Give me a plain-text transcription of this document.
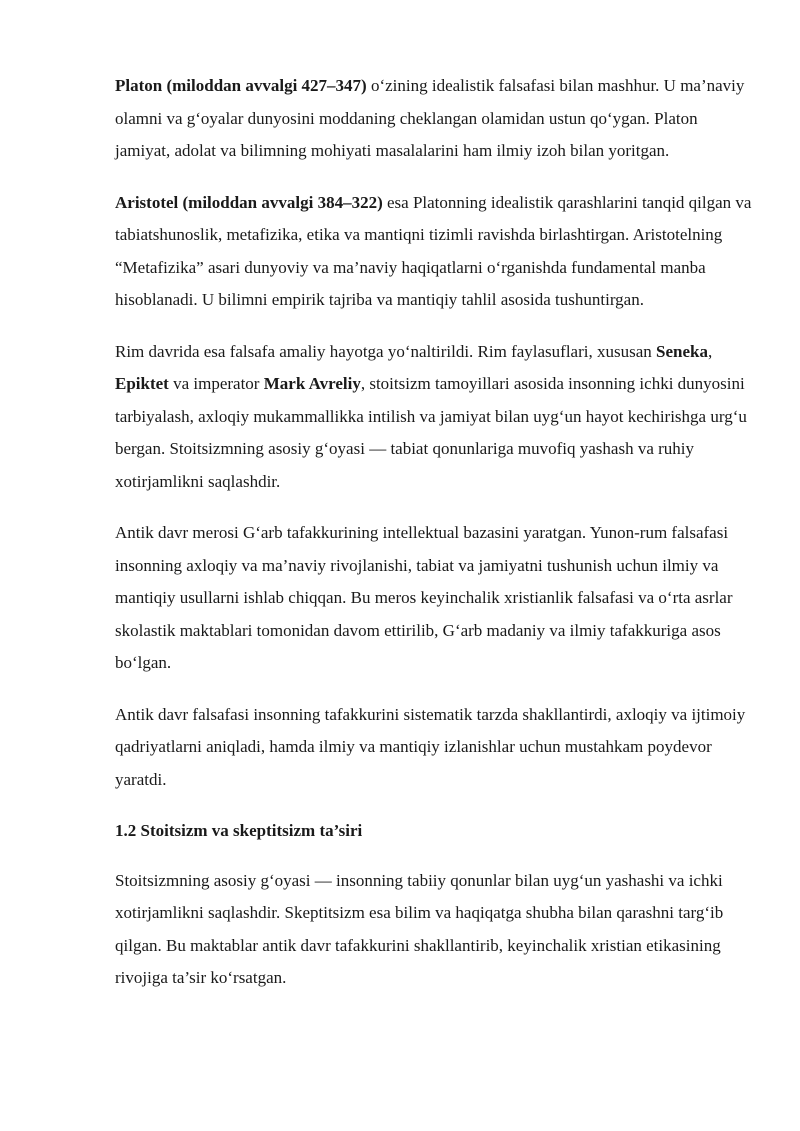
Platon (miloddan avvalgi 427–347) o‘zining idealistik falsafasi bilan mashhur. U ma’naviy olamni va g‘oyalar dunyosini moddaning cheklangan olamidan ustun qo‘ygan. Platon jamiyat, adolat va bilimning mohiyati masalalarini ham ilmiy izoh bilan yoritgan.

Aristotel (miloddan avvalgi 384–322) esa Platonning idealistik qarashlarini tanqid qilgan va tabiatshunoslik, metafizika, etika va mantiqni tizimli ravishda birlashtirgan. Aristotelning “Metafizika” asari dunyoviy va ma’naviy haqiqatlarni o‘rganishda fundamental manba hisoblanadi. U bilimni empirik tajriba va mantiqiy tahlil asosida tushuntirgan.

Rim davrida esa falsafa amaliy hayotga yo‘naltirildi. Rim faylasuflari, xususan Seneka, Epiktet va imperator Mark Avreliy, stoitsizm tamoyillari asosida insonning ichki dunyosini tarbiyalash, axloqiy mukammallikka intilish va jamiyat bilan uyg‘un hayot kechirishga urg‘u bergan. Stoitsizmning asosiy g‘oyasi — tabiat qonunlariga muvofiq yashash va ruhiy xotirjamlikni saqlashdir.

Antik davr merosi G‘arb tafakkurining intellektual bazasini yaratgan. Yunon-rum falsafasi insonning axloqiy va ma’naviy rivojlanishi, tabiat va jamiyatni tushunish uchun ilmiy va mantiqiy usullarni ishlab chiqqan. Bu meros keyinchalik xristianlik falsafasi va o‘rta asrlar skolastik maktablari tomonidan davom ettirilib, G‘arb madaniy va ilmiy tafakkuriga asos bo‘lgan.

Antik davr falsafasi insonning tafakkurini sistematik tarzda shakllantirdi, axloqiy va ijtimoiy qadriyatlarni aniqladi, hamda ilmiy va mantiqiy izlanishlar uchun mustahkam poydevor yaratdi.

1.2 Stoitsizm va skeptitsizm ta’siri

Stoitsizmning asosiy g‘oyasi — insonning tabiiy qonunlar bilan uyg‘un yashashi va ichki xotirjamlikni saqlashdir. Skeptitsizm esa bilim va haqiqatga shubha bilan qarashni targ‘ib qilgan. Bu maktablar antik davr tafakkurini shakllantirib, keyinchalik xristian etikasining rivojiga ta’sir ko‘rsatgan.
